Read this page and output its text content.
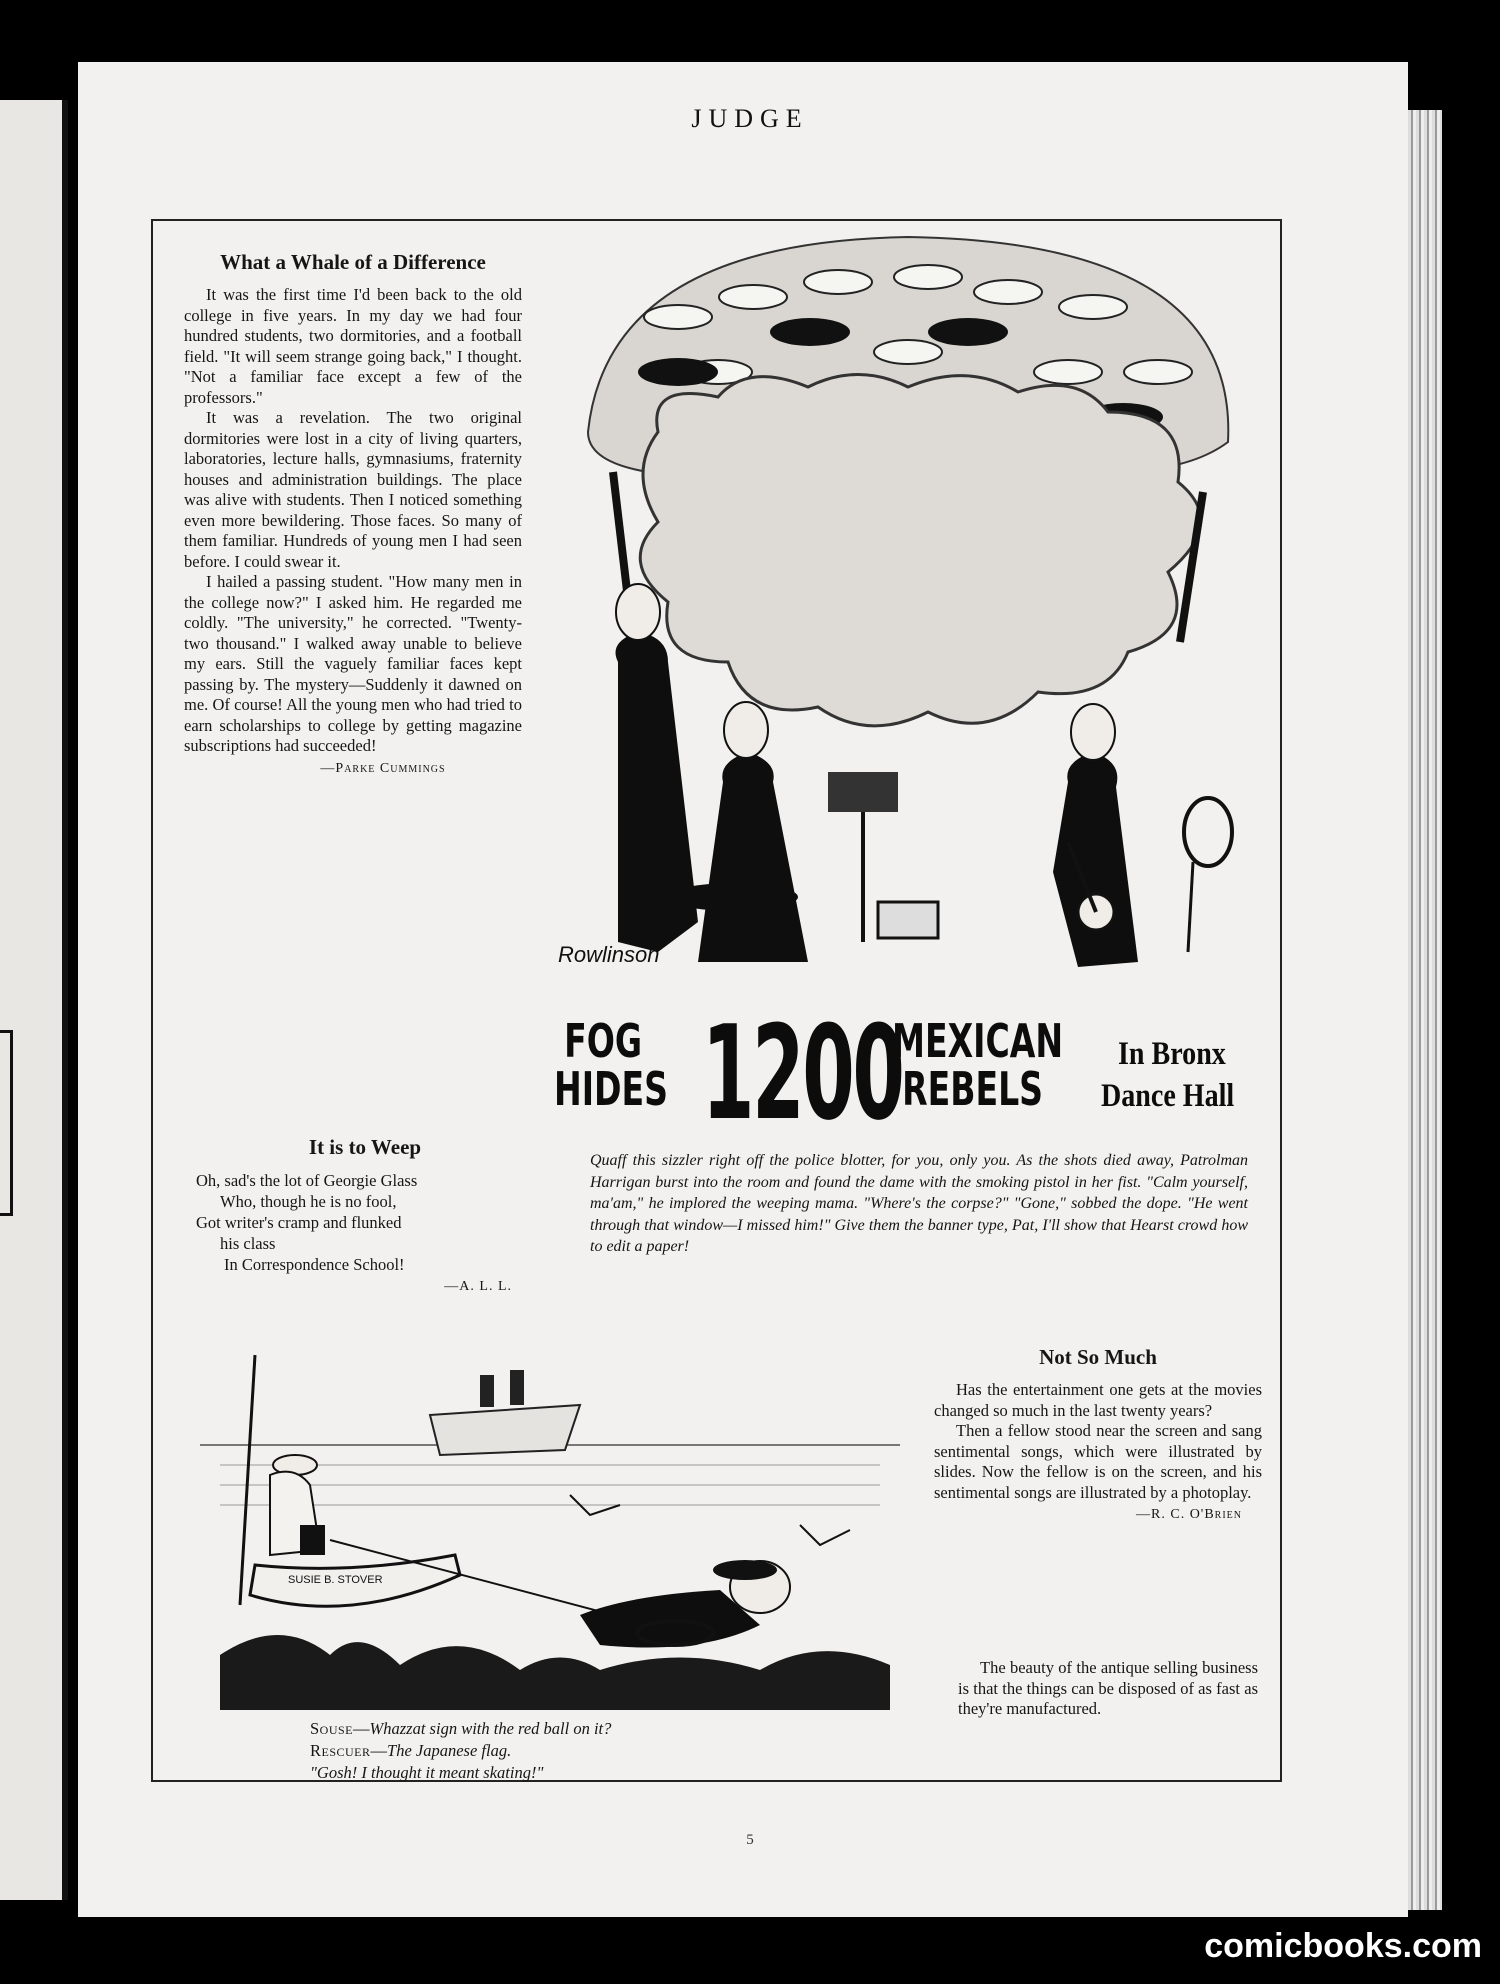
JUDGE
What a Whale of a Difference

It was the first time I'd been back to the old college in five years. In my day we had four hundred students, two dormitories, and a football field. "It will seem strange going back," I thought. "Not a familiar face except a few of the professors."

It was a revelation. The two original dormitories were lost in a city of living quarters, laboratories, lecture halls, gymnasiums, fraternity houses and administration buildings. The place was alive with students. Then I noticed something even more bewildering. Those faces. So many of them familiar. Hundreds of young men I had seen before. I could swear it.

I hailed a passing student. "How many men in the college now?" I asked him. He regarded me coldly. "The university," he corrected. "Twenty-two thousand." I walked away unable to believe my ears. Still the vaguely familiar faces kept passing by. The mystery—Suddenly it dawned on me. Of course! All the young men who had tried to earn scholarships to college by getting magazine subscriptions had succeeded!

—Parke Cummings
It is to Weep
Oh, sad's the lot of Georgie Glass
Who, though he is no fool,
Got writer's cramp and flunked
his class
In Correspondence School!
—A. L. L.
Rowlinson
FOG
HIDES 1200
MEXICAN
REBELS
In Bronx
Dance Hall
Quaff this sizzler right off the police blotter, for you, only you. As the shots died away, Patrolman Harrigan burst into the room and found the dame with the smoking pistol in her fist. "Calm yourself, ma'am," he implored the weeping mama. "Where's the corpse?" "Gone," sobbed the dope. "He went through that window—I missed him!" Give them the banner type, Pat, I'll show that Hearst crowd how to edit a paper!
SUSIE B. STOVER
Souse—Whazzat sign with the red ball on it?
Rescuer—The Japanese flag.
"Gosh! I thought it meant skating!"
Not So Much

Has the entertainment one gets at the movies changed so much in the last twenty years?

Then a fellow stood near the screen and sang sentimental songs, which were illustrated by slides. Now the fellow is on the screen, and his sentimental songs are illustrated by a photoplay.

—R. C. O'Brien

The beauty of the antique selling business is that the things can be disposed of as fast as they're manufactured.

5
comicbooks.com
